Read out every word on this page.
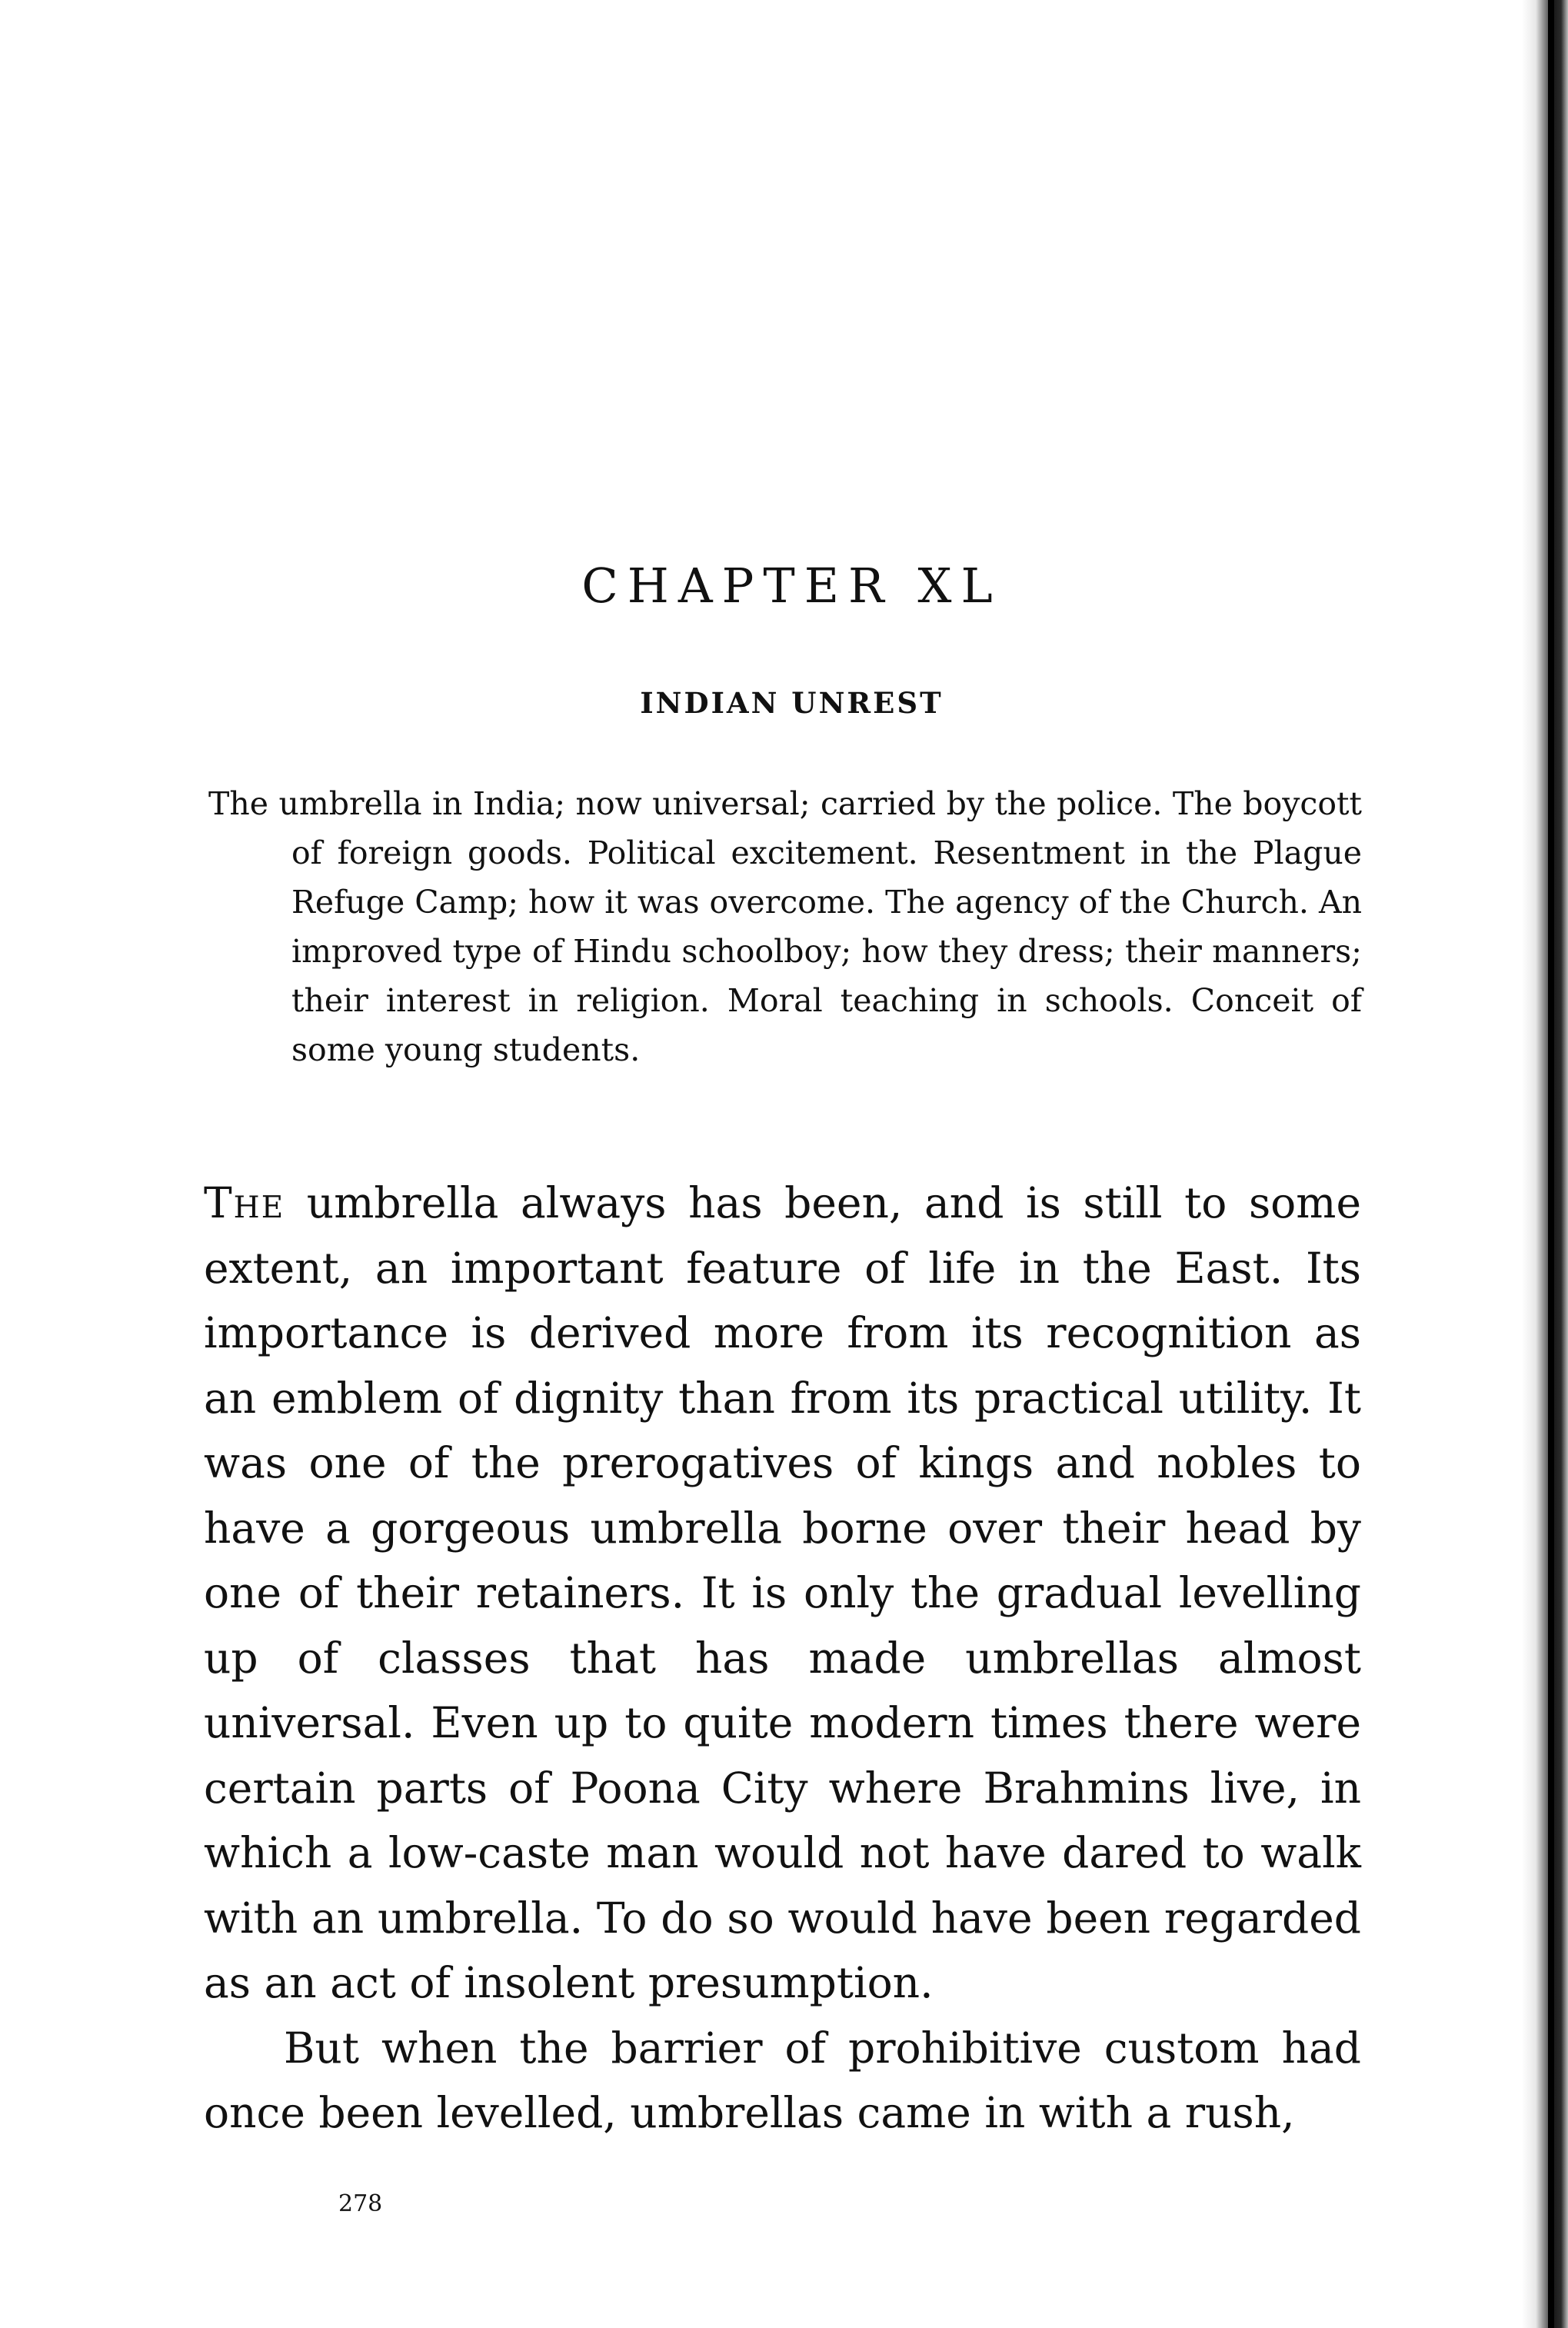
CHAPTER XL
INDIAN UNREST
The umbrella in India; now universal; carried by the police. The boycott of foreign goods. Political excitement. Resentment in the Plague Refuge Camp; how it was overcome. The agency of the Church. An improved type of Hindu schoolboy; how they dress; their manners; their interest in religion. Moral teaching in schools. Conceit of some young students.

The umbrella always has been, and is still to some extent, an important feature of life in the East. Its importance is derived more from its recognition as an emblem of dignity than from its practical utility. It was one of the prerogatives of kings and nobles to have a gorgeous umbrella borne over their head by one of their retainers. It is only the gradual levelling up of classes that has made umbrellas almost universal. Even up to quite modern times there were certain parts of Poona City where Brahmins live, in which a low-caste man would not have dared to walk with an umbrella. To do so would have been regarded as an act of insolent presumption.

But when the barrier of prohibitive custom had once been levelled, umbrellas came in with a rush,

278
